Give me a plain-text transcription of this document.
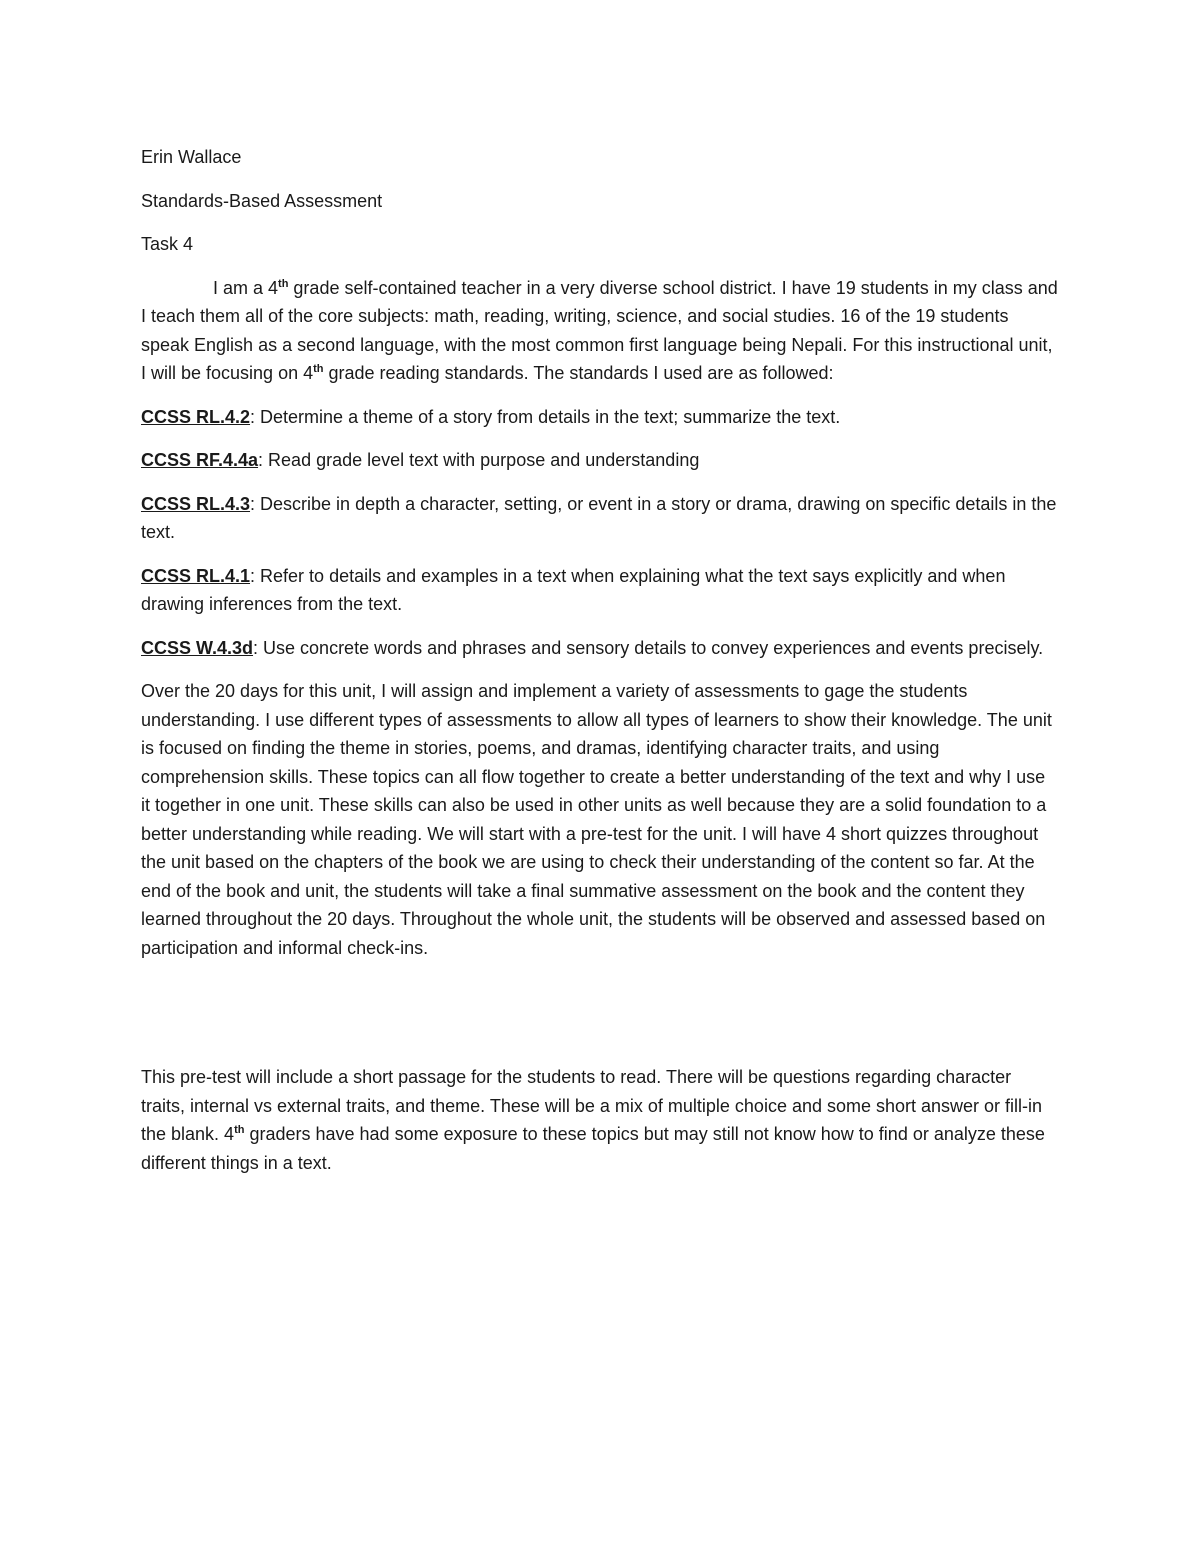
Erin Wallace

Standards-Based Assessment

Task 4

I am a 4th grade self-contained teacher in a very diverse school district. I have 19 students in my class and I teach them all of the core subjects: math, reading, writing, science, and social studies. 16 of the 19 students speak English as a second language, with the most common first language being Nepali. For this instructional unit, I will be focusing on 4th grade reading standards. The standards I used are as followed:

CCSS RL.4.2: Determine a theme of a story from details in the text; summarize the text.

CCSS RF.4.4a: Read grade level text with purpose and understanding

CCSS RL.4.3: Describe in depth a character, setting, or event in a story or drama, drawing on specific details in the text.

CCSS RL.4.1: Refer to details and examples in a text when explaining what the text says explicitly and when drawing inferences from the text.

CCSS W.4.3d: Use concrete words and phrases and sensory details to convey experiences and events precisely.

Over the 20 days for this unit, I will assign and implement a variety of assessments to gage the students understanding. I use different types of assessments to allow all types of learners to show their knowledge. The unit is focused on finding the theme in stories, poems, and dramas, identifying character traits, and using comprehension skills. These topics can all flow together to create a better understanding of the text and why I use it together in one unit. These skills can also be used in other units as well because they are a solid foundation to a better understanding while reading. We will start with a pre-test for the unit. I will have 4 short quizzes throughout the unit based on the chapters of the book we are using to check their understanding of the content so far. At the end of the book and unit, the students will take a final summative assessment on the book and the content they learned throughout the 20 days. Throughout the whole unit, the students will be observed and assessed based on participation and informal check-ins.

This pre-test will include a short passage for the students to read. There will be questions regarding character traits, internal vs external traits, and theme. These will be a mix of multiple choice and some short answer or fill-in the blank. 4th graders have had some exposure to these topics but may still not know how to find or analyze these different things in a text.
